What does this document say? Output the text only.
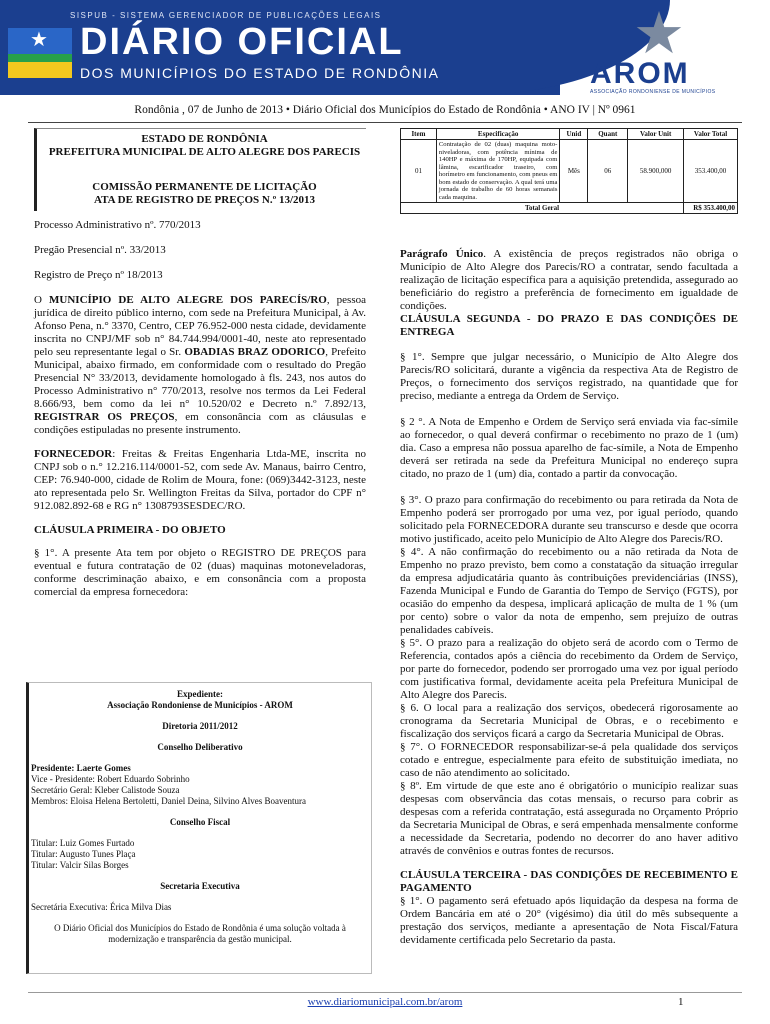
★
SISPUB - SISTEMA GERENCIADOR DE PUBLICAÇÕES LEGAIS
DIÁRIO OFICIAL
DOS MUNICÍPIOS DO ESTADO DE RONDÔNIA
★
AROM
ASSOCIAÇÃO RONDONIENSE DE MUNICÍPIOS
Rondônia , 07 de Junho de 2013 • Diário Oficial dos Municípios do Estado de Rondônia • ANO IV | Nº 0961
ESTADO DE RONDÔNIA
PREFEITURA MUNICIPAL DE ALTO ALEGRE DOS PARECIS
COMISSÃO PERMANENTE DE LICITAÇÃO
ATA DE REGISTRO DE PREÇOS N.º 13/2013

Processo Administrativo nº. 770/2013

Pregão Presencial nº. 33/2013

Registro de Preço nº 18/2013

O MUNICÍPIO DE ALTO ALEGRE DOS PARECÍS/RO, pessoa jurídica de direito público interno, com sede na Prefeitura Municipal, à Av. Afonso Pena, n.° 3370, Centro, CEP 76.952-000 nesta cidade, devidamente inscrita no CNPJ/MF sob n° 84.744.994/0001-40, neste ato representado pelo seu representante legal o Sr. OBADIAS BRAZ ODORICO, Prefeito Municipal, abaixo firmado, em conformidade com o resultado do Pregão Presencial N° 33/2013, devidamente homologado à fls. 243, nos autos do Processo Administrativo n° 770/2013, resolve nos termos da Lei Federal 8.666/93, bem como da lei n° 10.520/02 e Decreto n.º 7.892/13, REGISTRAR OS PREÇOS, em consonância com as cláusulas e condições estipuladas no presente instrumento.

FORNECEDOR: Freitas & Freitas Engenharia Ltda-ME, inscrita no CNPJ sob o n.° 12.216.114/0001-52, com sede Av. Manaus, bairro Centro, CEP: 76.940-000, cidade de Rolim de Moura, fone: (069)3442-3123, neste ato representada pelo Sr. Wellington Freitas da Silva, portador do CPF n° 912.082.892-68 e RG n° 1308793SESDEC/RO.

CLÁUSULA PRIMEIRA - DO OBJETO

§ 1°. A presente Ata tem por objeto o REGISTRO DE PREÇOS para eventual e futura contratação de 02 (duas) maquinas motoneveladoras, conforme descriminação abaixo, e em consonância com a proposta comercial da empresa fornecedora:

Item	Especificação	Unid	Quant	Valor Unit	Valor Total
01	Contratação de 02 (duas) maquina moto-niveladoras, com potência mínima de 140HP e máxima de 170HP, equipada com lâmina, escarificador traseiro, com horímetro em funcionamento, com pneus em bom estado de conservação. A qual terá uma jornada de trabalho de 60 horas semanais cada maquina.	Mês	06	58.900,000	353.400,00
Total Geral					R$ 353.400,00

Parágrafo Único. A existência de preços registrados não obriga o Município de Alto Alegre dos Parecis/RO a contratar, sendo facultada a realização de licitação específica para a aquisição pretendida, assegurado ao beneficiário do registro a preferência de fornecimento em igualdade de condições.

CLÁUSULA SEGUNDA - DO PRAZO E DAS CONDIÇÕES DE ENTREGA

§ 1°. Sempre que julgar necessário, o Município de Alto Alegre dos Parecis/RO solicitará, durante a vigência da respectiva Ata de Registro de Preços, o fornecimento dos serviços registrado, na quantidade que for preciso, mediante a entrega da Ordem de Serviço.

§ 2 °. A Nota de Empenho e Ordem de Serviço será enviada via fac-símile ao fornecedor, o qual deverá confirmar o recebimento no prazo de 1 (um) dia. Caso a empresa não possua aparelho de fac-símile, a Nota de Empenho deverá ser retirada na sede da Prefeitura Municipal no endereço supra citado, no prazo de 1 (um) dia, contado a partir da convocação.

§ 3°. O prazo para confirmação do recebimento ou para retirada da Nota de Empenho poderá ser prorrogado por uma vez, por igual período, quando solicitado pela FORNECEDORA durante seu transcurso e desde que ocorra motivo justificado, aceito pelo Município de Alto Alegre dos Parecis/RO.

§ 4°. A não confirmação do recebimento ou a não retirada da Nota de Empenho no prazo previsto, bem como a constatação da situação irregular da empresa adjudicatária quanto às contribuições previdenciárias (INSS), Fazenda Municipal e Fundo de Garantia do Tempo de Serviço (FGTS), por ocasião do empenho da despesa, implicará aplicação de multa de 1 % (um por cento) sobre o valor da nota de empenho, sem prejuízo de outras penalidades cabíveis.

§ 5°. O prazo para a realização do objeto será de acordo com o Termo de Referencia, contados após a ciência do recebimento da Ordem de Serviço, por parte do fornecedor, podendo ser prorrogado uma vez por igual período com justificativa formal, devidamente aceita pela Prefeitura Municipal de Alto Alegre dos Parecis.

§ 6. O local para a realização dos serviços, obedecerá rigorosamente ao cronograma da Secretaria Municipal de Obras, e o recebimento e fiscalização dos serviços ficará a cargo da Secretaria Municipal de Obras.

§ 7°. O FORNECEDOR responsabilizar-se-á pela qualidade dos serviços cotado e entregue, especialmente para efeito de substituição imediata, no caso de não atendimento ao solicitado.

§ 8º. Em virtude de que este ano é obrigatório o município realizar suas despesas com observância das cotas mensais, o recurso para cobrir as despesas com a referida contratação, está assegurada no Orçamento Próprio da Secretaria Municipal de Obras, e será empenhada mensalmente conforme a necessidade da Secretaria, podendo no decorrer do ano haver aditivo através de convênios e outras fontes de recursos.

CLÁUSULA TERCEIRA - DAS CONDIÇÕES DE RECEBIMENTO E PAGAMENTO

§ 1°. O pagamento será efetuado após liquidação da despesa na forma de Ordem Bancária em até o 20° (vigésimo) dia útil do mês subsequente a prestação dos serviços, mediante a apresentação de Nota Fiscal/Fatura devidamente certificada pelo Secretario da pasta.

Expediente:
Associação Rondoniense de Municípios - AROM
Diretoria 2011/2012
Conselho Deliberativo
Presidente: Laerte Gomes
Vice - Presidente: Robert Eduardo Sobrinho
Secretário Geral: Kleber Calistode Souza
Membros: Eloisa Helena Bertoletti, Daniel Deina, Silvino Alves Boaventura
Conselho Fiscal
Titular: Luiz Gomes Furtado
Titular: Augusto Tunes Plaça
Titular: Valcir Silas Borges
Secretaria Executiva
Secretária Executiva: Érica Milva Dias
O Diário Oficial dos Municípios do Estado de Rondônia é uma solução voltada à modernização e transparência da gestão municipal.
www.diariomunicipal.com.br/arom	1
